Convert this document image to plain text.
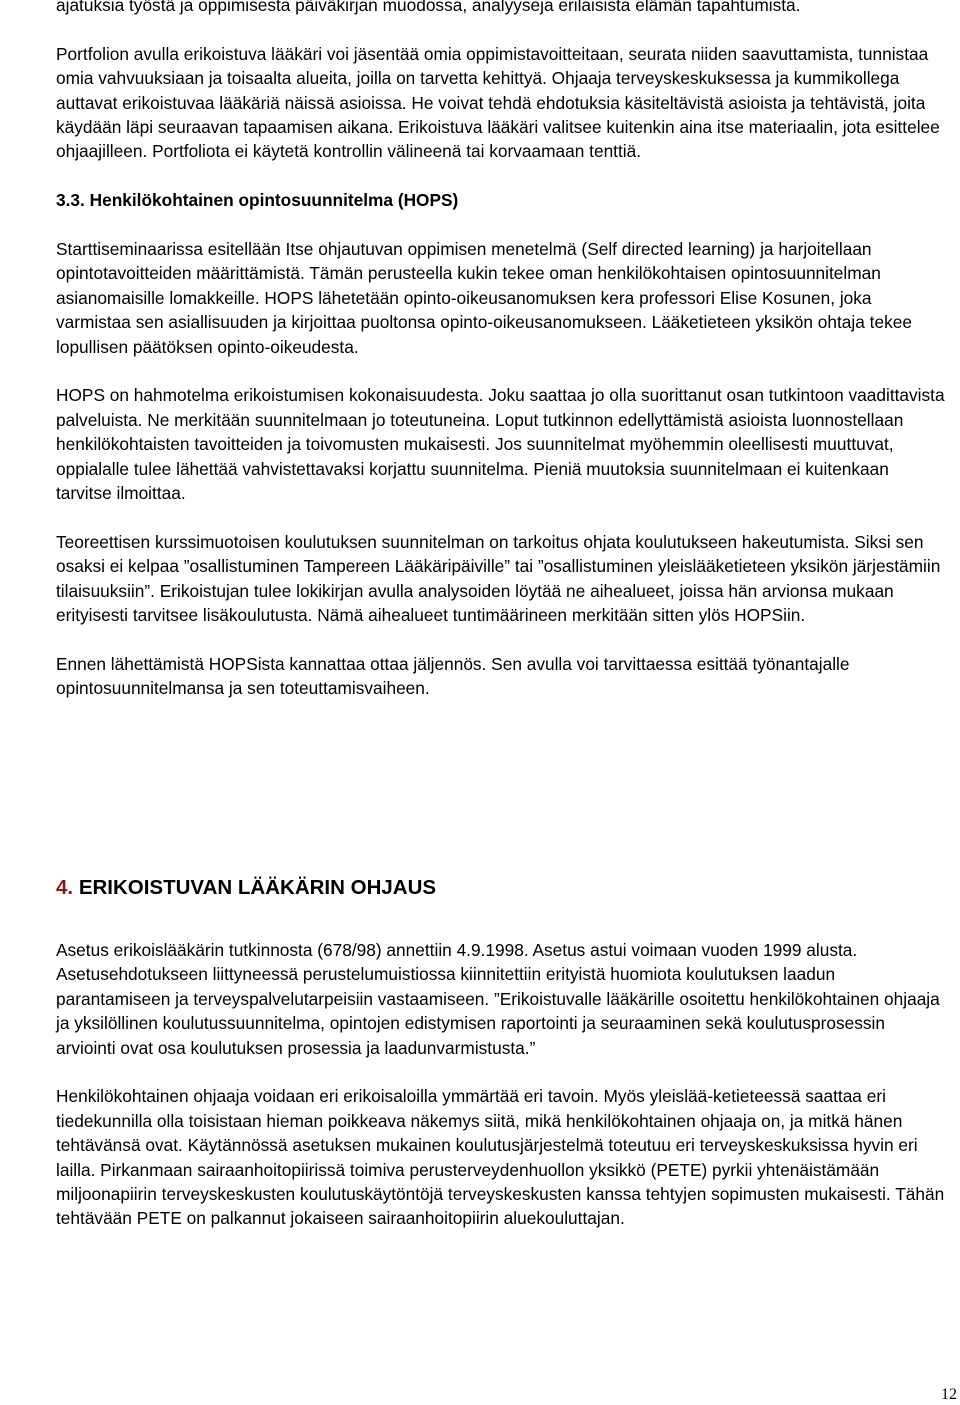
ajatuksia työstä ja oppimisesta päiväkirjan muodossa, analyyseja erilaisista elämän tapahtumista.

Portfolion avulla erikoistuva lääkäri voi jäsentää omia oppimistavoitteitaan, seurata niiden saavuttamista, tunnistaa omia vahvuuksiaan ja toisaalta alueita, joilla on tarvetta kehittyä. Ohjaaja terveyskeskuksessa ja kummikollega auttavat erikoistuvaa lääkäriä näissä asioissa. He voivat tehdä ehdotuksia käsiteltävistä asioista ja tehtävistä, joita käydään läpi seuraavan tapaamisen aikana. Erikoistuva lääkäri valitsee kuitenkin aina itse materiaalin, jota esittelee ohjaajilleen. Portfoliota ei käytetä kontrollin välineenä tai korvaamaan tenttiä.

3.3. Henkilökohtainen opintosuunnitelma (HOPS)

Starttiseminaarissa esitellään Itse ohjautuvan oppimisen menetelmä (Self directed learning) ja harjoitellaan opintotavoitteiden määrittämistä. Tämän perusteella kukin tekee oman henkilökohtaisen opintosuunnitelman asianomaisille lomakkeille. HOPS lähetetään opinto-oikeusanomuksen kera professori Elise Kosunen, joka varmistaa sen asiallisuuden ja kirjoittaa puoltonsa opinto-oikeusanomukseen. Lääketieteen yksikön ohtaja tekee lopullisen päätöksen opinto-oikeudesta.

HOPS on hahmotelma erikoistumisen kokonaisuudesta. Joku saattaa jo olla suorittanut osan tutkintoon vaadittavista palveluista. Ne merkitään suunnitelmaan jo toteutuneina. Loput tutkinnon edellyttämistä asioista luonnostellaan henkilökohtaisten tavoitteiden ja toivomusten mukaisesti. Jos suunnitelmat myöhemmin oleellisesti muuttuvat, oppialalle tulee lähettää vahvistettavaksi korjattu suunnitelma. Pieniä muutoksia suunnitelmaan ei kuitenkaan tarvitse ilmoittaa.

Teoreettisen kurssimuotoisen koulutuksen suunnitelman on tarkoitus ohjata koulutukseen hakeutumista. Siksi sen osaksi ei kelpaa ”osallistuminen Tampereen Lääkäripäiville” tai ”osallistuminen yleislääketieteen yksikön järjestämiin tilaisuuksiin”. Erikoistujan tulee lokikirjan avulla analysoiden löytää ne aihealueet, joissa hän arvionsa mukaan erityisesti tarvitsee lisäkoulutusta. Nämä aihealueet tuntimäärineen merkitään sitten ylös HOPSiin.

Ennen lähettämistä HOPSista kannattaa ottaa jäljennös. Sen avulla voi tarvittaessa esittää työnantajalle opintosuunnitelmansa ja sen toteuttamisvaiheen.

4. ERIKOISTUVAN LÄÄKÄRIN OHJAUS

Asetus erikoislääkärin tutkinnosta (678/98) annettiin 4.9.1998. Asetus astui voimaan vuoden 1999 alusta. Asetusehdotukseen liittyneessä perustelumuistiossa kiinnitettiin erityistä huomiota koulutuksen laadun parantamiseen ja terveyspalvelutarpeisiin vastaamiseen. ”Erikoistuvalle lääkärille osoitettu henkilökohtainen ohjaaja ja yksilöllinen koulutussuunnitelma, opintojen edistymisen raportointi ja seuraaminen sekä koulutusprosessin arviointi ovat osa koulutuksen prosessia ja laadunvarmistusta.”

Henkilökohtainen ohjaaja voidaan eri erikoisaloilla ymmärtää eri tavoin. Myös yleislää-ketieteessä saattaa eri tiedekunnilla olla toisistaan hieman poikkeava näkemys siitä, mikä henkilökohtainen ohjaaja on, ja mitkä hänen tehtävänsä ovat. Käytännössä asetuksen mukainen koulutusjärjestelmä toteutuu eri terveyskeskuksissa hyvin eri lailla. Pirkanmaan sairaanhoitopiirissä toimiva perusterveydenhuollon yksikkö (PETE) pyrkii yhtenäistämään miljoonapiirin terveyskeskusten koulutuskäytöntöjä terveyskeskusten kanssa tehtyjen sopimusten mukaisesti. Tähän tehtävään PETE on palkannut jokaiseen sairaanhoitopiirin aluekouluttajan.

12
